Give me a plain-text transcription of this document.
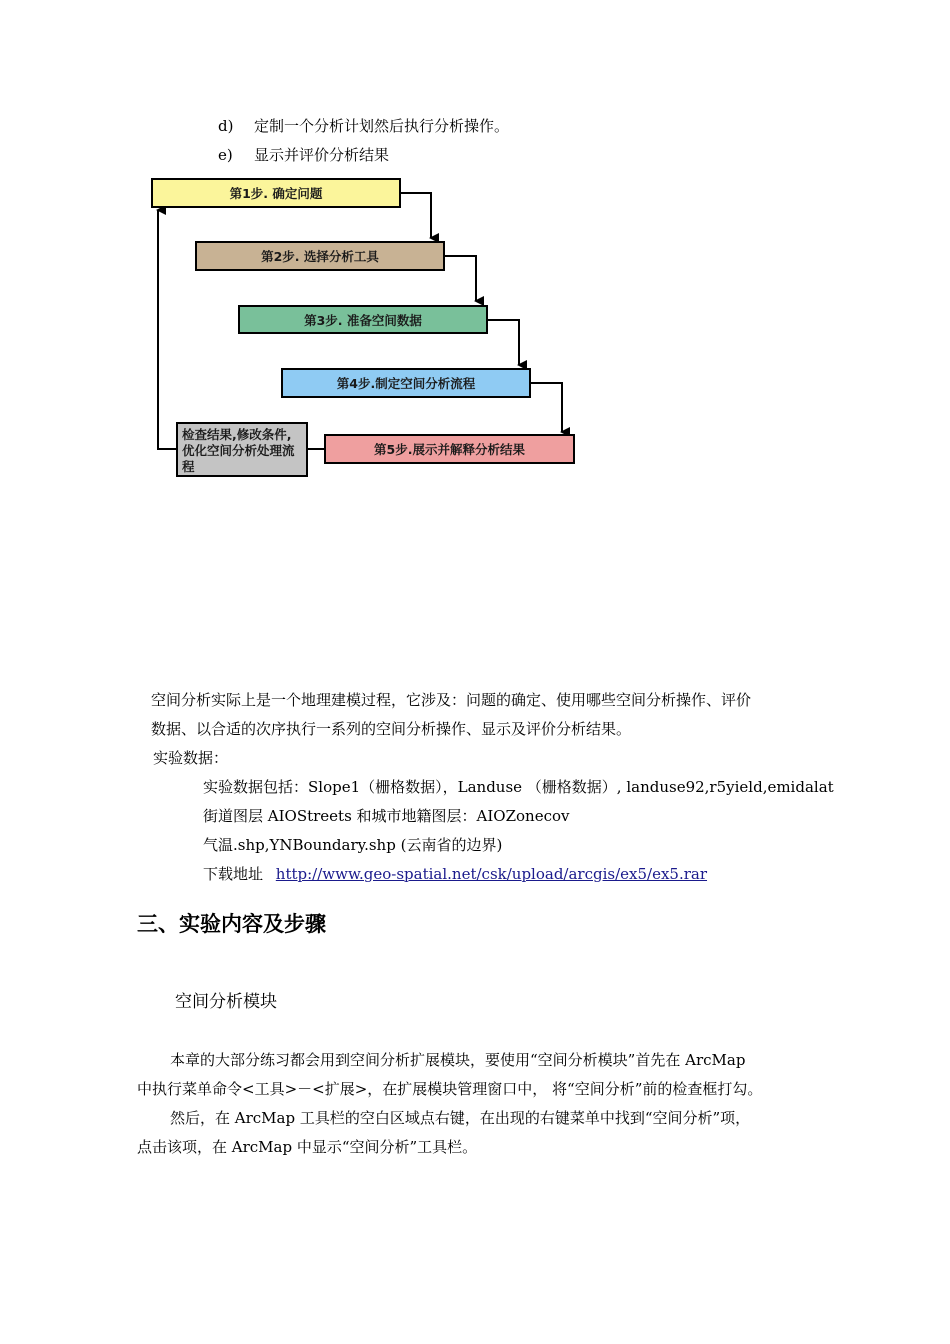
d) 定制一个分析计划然后执行分析操作。
e) 显示并评价分析结果
第1步. 确定问题
第2步. 选择分析工具
第3步. 准备空间数据
第4步.制定空间分析流程
第5步.展示并解释分析结果
检查结果,修改条件,优化空间分析处理流程
空间分析实际上是一个地理建模过程，它涉及：问题的确定、使用哪些空间分析操作、评价
数据、以合适的次序执行一系列的空间分析操作、显示及评价分析结果。
实验数据：
实验数据包括：Slope1（栅格数据），Landuse （栅格数据）, landuse92,r5yield,emidalat
街道图层 AIOStreets 和城市地籍图层：AIOZonecov
气温.shp,YNBoundary.shp (云南省的边界)
下载地址 http://www.geo-spatial.net/csk/upload/arcgis/ex5/ex5.rar
三、实验内容及步骤
空间分析模块
本章的大部分练习都会用到空间分析扩展模块，要使用“空间分析模块”首先在 ArcMap
中执行菜单命令<工具>－<扩展>，在扩展模块管理窗口中， 将“空间分析”前的检查框打勾。
然后，在 ArcMap 工具栏的空白区域点右键，在出现的右键菜单中找到“空间分析”项，
点击该项，在 ArcMap 中显示“空间分析”工具栏。
